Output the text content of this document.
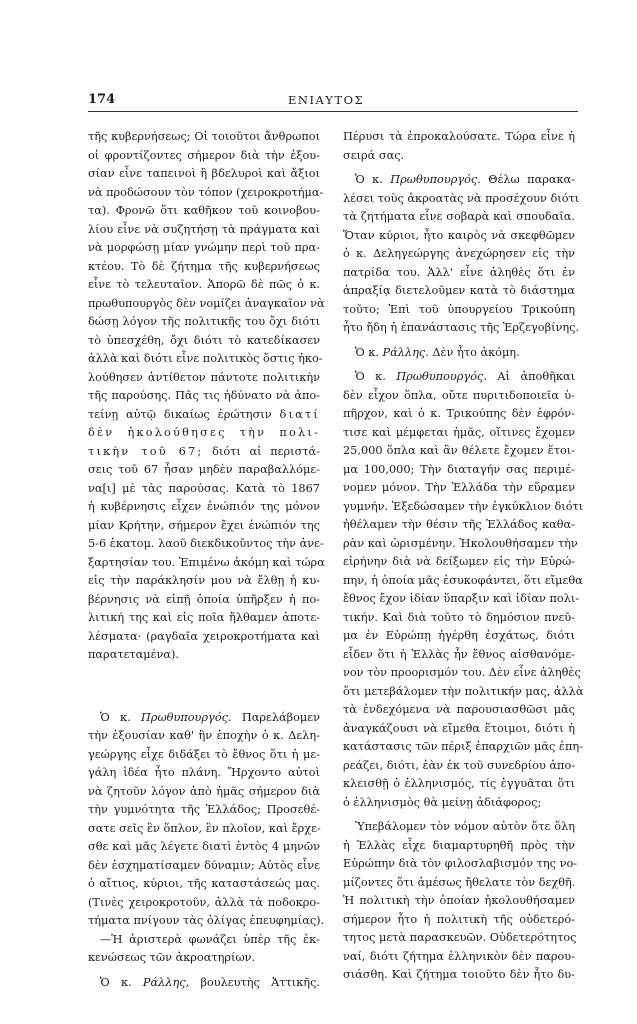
174	ΕΝΙΑΥΤΟΣ

τῆς κυβερνήσεως; Οἱ τοιοῦτοι ἄνθρωποι
οἱ φροντίζοντες σήμερον διὰ τὴν ἐξου-
σίαν εἶνε ταπεινοὶ ἢ βδελυροὶ καὶ ἄξιοι
νὰ προδώσουν τὸν τόπον (χειροκροτήμα-
τα). Φρονῶ ὅτι καθῆκον τοῦ κοινοβου-
λίου εἶνε νὰ συζητήσῃ τὰ πράγματα καὶ
νὰ μορφώσῃ μίαν γνώμην περὶ τοῦ πρα-
κτέου. Τὸ δὲ ζήτημα τῆς κυβερνήσεως
εἶνε τὸ τελευταῖον. Ἀπορῶ δὲ πῶς ὁ κ.
πρωθυπουργὸς δὲν νομίζει ἀναγκαῖον νὰ
δώσῃ λόγον τῆς πολιτικῆς του ὄχι διότι
τὸ ὑπεσχέθη, ὄχι διότι τὸ κατεδίκασεν
ἀλλὰ καὶ διότι εἶνε πολιτικὸς ὅστις ἠκο-
λούθησεν ἀντίθετον πάντοτε πολιτικὴν
τῆς παρούσης. Πᾶς τις ἠδύνατο νὰ ἀπο-
τείνῃ αὐτῷ δικαίως ἐρώτησιν διατί
δὲν ἠκολούθησες τὴν πολι-
τικὴν τοῦ 67; διότι αἱ περιστά-
σεις τοῦ 67 ἦσαν μηδὲν παραβαλλόμε-
να[ι] μὲ τὰς παρούσας. Κατὰ τὸ 1867
ἡ κυβέρνησις εἶχεν ἐνώπιόν της μόνον
μίαν Κρήτην, σήμερον ἔχει ἐνώπιόν της
5-6 ἑκατομ. λαοῦ διεκδικοῦντος τὴν ἀνε-
ξαρτησίαν του. Ἐπιμένω ἀκόμη καὶ τώρα
εἰς τὴν παράκλησίν μου νὰ ἔλθῃ ἡ κυ-
βέρνησις νὰ εἰπῇ ὁποία ὑπῆρξεν ἡ πο-
λιτική της καὶ εἰς ποῖα ἤλθαμεν ἀποτε-
λέσματα· (ραγδαῖα χειροκροτήματα καὶ
παρατεταμένα).

Ὁ κ. Πρωθυπουργός. Παρελάβομεν
τὴν ἐξουσίαν καθ' ἣν ἐποχὴν ὁ κ. Δελη-
γεώργης εἶχε διδάξει τὸ ἔθνος ὅτι ἡ με-
γάλη ἰδέα ἦτο πλάνη. Ἤρχοντο αὐτοὶ
νὰ ζητοῦν λόγον ἀπὸ ἡμᾶς σήμερον διὰ
τὴν γυμνότητα τῆς Ἑλλάδος; Προσεθέ-
σατε σεῖς ἓν ὅπλον, ἓν πλοῖον, καὶ ἔρχε-
σθε καὶ μᾶς λέγετε διατὶ ἐντὸς 4 μηνῶν
δὲν ἐσχηματίσαμεν δύναμιν; Αὐτὸς εἶνε
ὁ αἴτιος, κύριοι, τῆς καταστάσεώς μας.
(Τινὲς χειροκροτοῦν, ἀλλὰ τὰ ποδοκρο-
τήματα πνίγουν τὰς ὀλίγας ἐπευφημίας).

—Ἡ ἀριστερὰ φωνάζει ὑπὲρ τῆς ἐκ-
κενώσεως τῶν ἀκροατηρίων.

Ὁ κ. Ράλλης, βουλευτὴς Ἀττικῆς.

Πέρυσι τὰ ἐπροκαλούσατε. Τώρα εἶνε ἡ
σειρά σας.

Ὁ κ. Πρωθυπουργός. Θέλω παρακα-
λέσει τοὺς ἀκροατὰς νὰ προσέχουν διότι
τὰ ζητήματα εἶνε σοβαρὰ καὶ σπουδαῖα.
Ὅταν κύριοι, ἦτο καιρὸς νὰ σκεφθῶμεν
ὁ κ. Δεληγεώργης ἀνεχώρησεν εἰς τὴν
πατρίδα του. Ἀλλ' εἶνε ἀληθὲς ὅτι ἐν
ἀπραξίᾳ διετελοῦμεν κατὰ τὸ διάστημα
τοῦτο; Ἐπὶ τοῦ ὑπουργείου Τρικούπη
ἦτο ἤδη ἡ ἐπανάστασις τῆς Ἑρζεγοβίνης.

Ὁ κ. Ράλλης. Δὲν ἦτο ἀκόμη.

Ὁ κ. Πρωθυπουργός. Αἱ ἀποθῆκαι
δὲν εἶχον ὅπλα, οὔτε πυριτιδοποιεῖα ὑ-
πῆρχον, καὶ ὁ κ. Τρικούπης δὲν ἐφρόν-
τισε καὶ μέμφεται ἡμᾶς, οἵτινες ἔχομεν
25,000 ὅπλα καὶ ἂν θέλετε ἔχομεν ἕτοι-
μα 100,000; Τὴν διαταγήν σας περιμέ-
νομεν μόνον. Τὴν Ἑλλάδα τὴν εὕραμεν
γυμνήν. Ἐξεδώσαμεν τὴν ἐγκύκλιον διότι
ἠθέλαμεν τὴν θέσιν τῆς Ἑλλάδος καθα-
ρὰν καὶ ὡρισμένην. Ἠκολουθήσαμεν τὴν
εἰρήνην διὰ νὰ δείξωμεν εἰς τὴν Εὐρώ-
πην, ἡ ὁποία μᾶς ἐσυκοφάντει, ὅτι εἴμεθα
ἔθνος ἔχον ἰδίαν ὕπαρξιν καὶ ἰδίαν πολι-
τικήν. Καὶ διὰ τοῦτο τὸ δημόσιον πνεῦ-
μα ἐν Εὐρώπῃ ἠγέρθη ἐσχάτως, διότι
εἶδεν ὅτι ἡ Ἑλλὰς ἦν ἔθνος αἰσθανόμε-
νον τὸν προορισμόν του. Δὲν εἶνε ἀληθὲς
ὅτι μετεβάλομεν τὴν πολιτικήν μας, ἀλλὰ
τὰ ἐνδεχόμενα νὰ παρουσιασθῶσι μᾶς
ἀναγκάζουσι νὰ εἴμεθα ἕτοιμοι, διότι ἡ
κατάστασις τῶν πέριξ ἐπαρχιῶν μᾶς ἐπη-
ρεάζει, διότι, ἐὰν ἐκ τοῦ συνεδρίου ἀπο-
κλεισθῇ ὁ ἑλληνισμός, τίς ἐγγυᾶται ὅτι
ὁ ἑλληνισμὸς θὰ μείνῃ ἀδιάφορος;

Ὑπεβάλομεν τὸν νόμον αὐτὸν ὅτε ὅλη
ἡ Ἑλλὰς εἶχε διαμαρτυρηθῆ πρὸς τὴν
Εὐρώπην διὰ τὸν φιλοσλαβισμόν της νο-
μίζοντες ὅτι ἀμέσως ἤθελατε τὸν δεχθῆ.
Ἡ πολιτικὴ τὴν ὁποίαν ἠκολουθήσαμεν
σήμερον ἦτο ἡ πολιτικὴ τῆς οὐδετερό-
τητος μετὰ παρασκευῶν. Οὐδετερότητος
ναί, διότι ζήτημα ἑλληνικὸν δὲν παρου-
σιάσθη. Καὶ ζήτημα τοιοῦτο δὲν ἦτο δυ-
